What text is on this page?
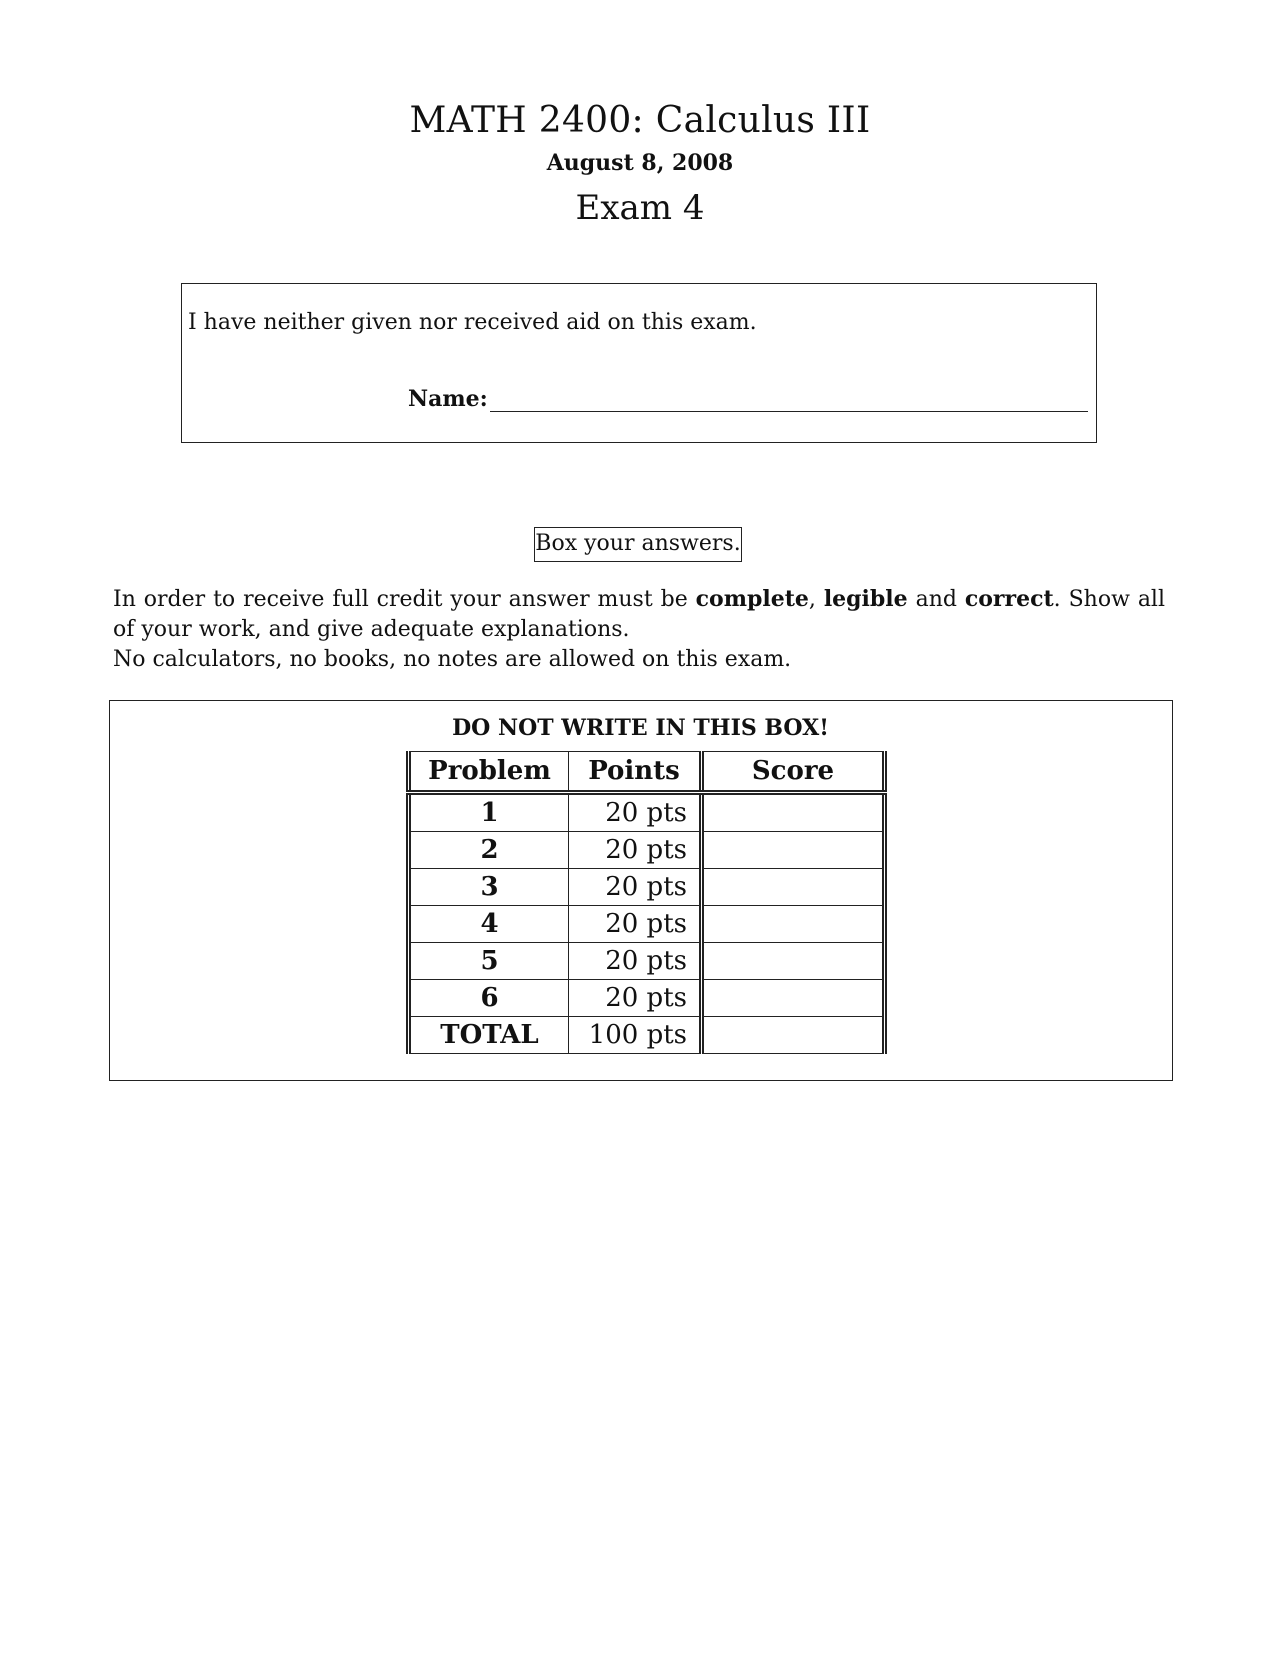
MATH 2400: Calculus III
August 8, 2008
Exam 4
I have neither given nor received aid on this exam.
Name:
Box your answers.

In order to receive full credit your answer must be complete, legible and correct. Show all of your work, and give adequate explanations.

No calculators, no books, no notes are allowed on this exam.

DO NOT WRITE IN THIS BOX!
Problem	Points	Score
1	20 pts	
2	20 pts	
3	20 pts	
4	20 pts	
5	20 pts	
6	20 pts	
TOTAL	100 pts	
